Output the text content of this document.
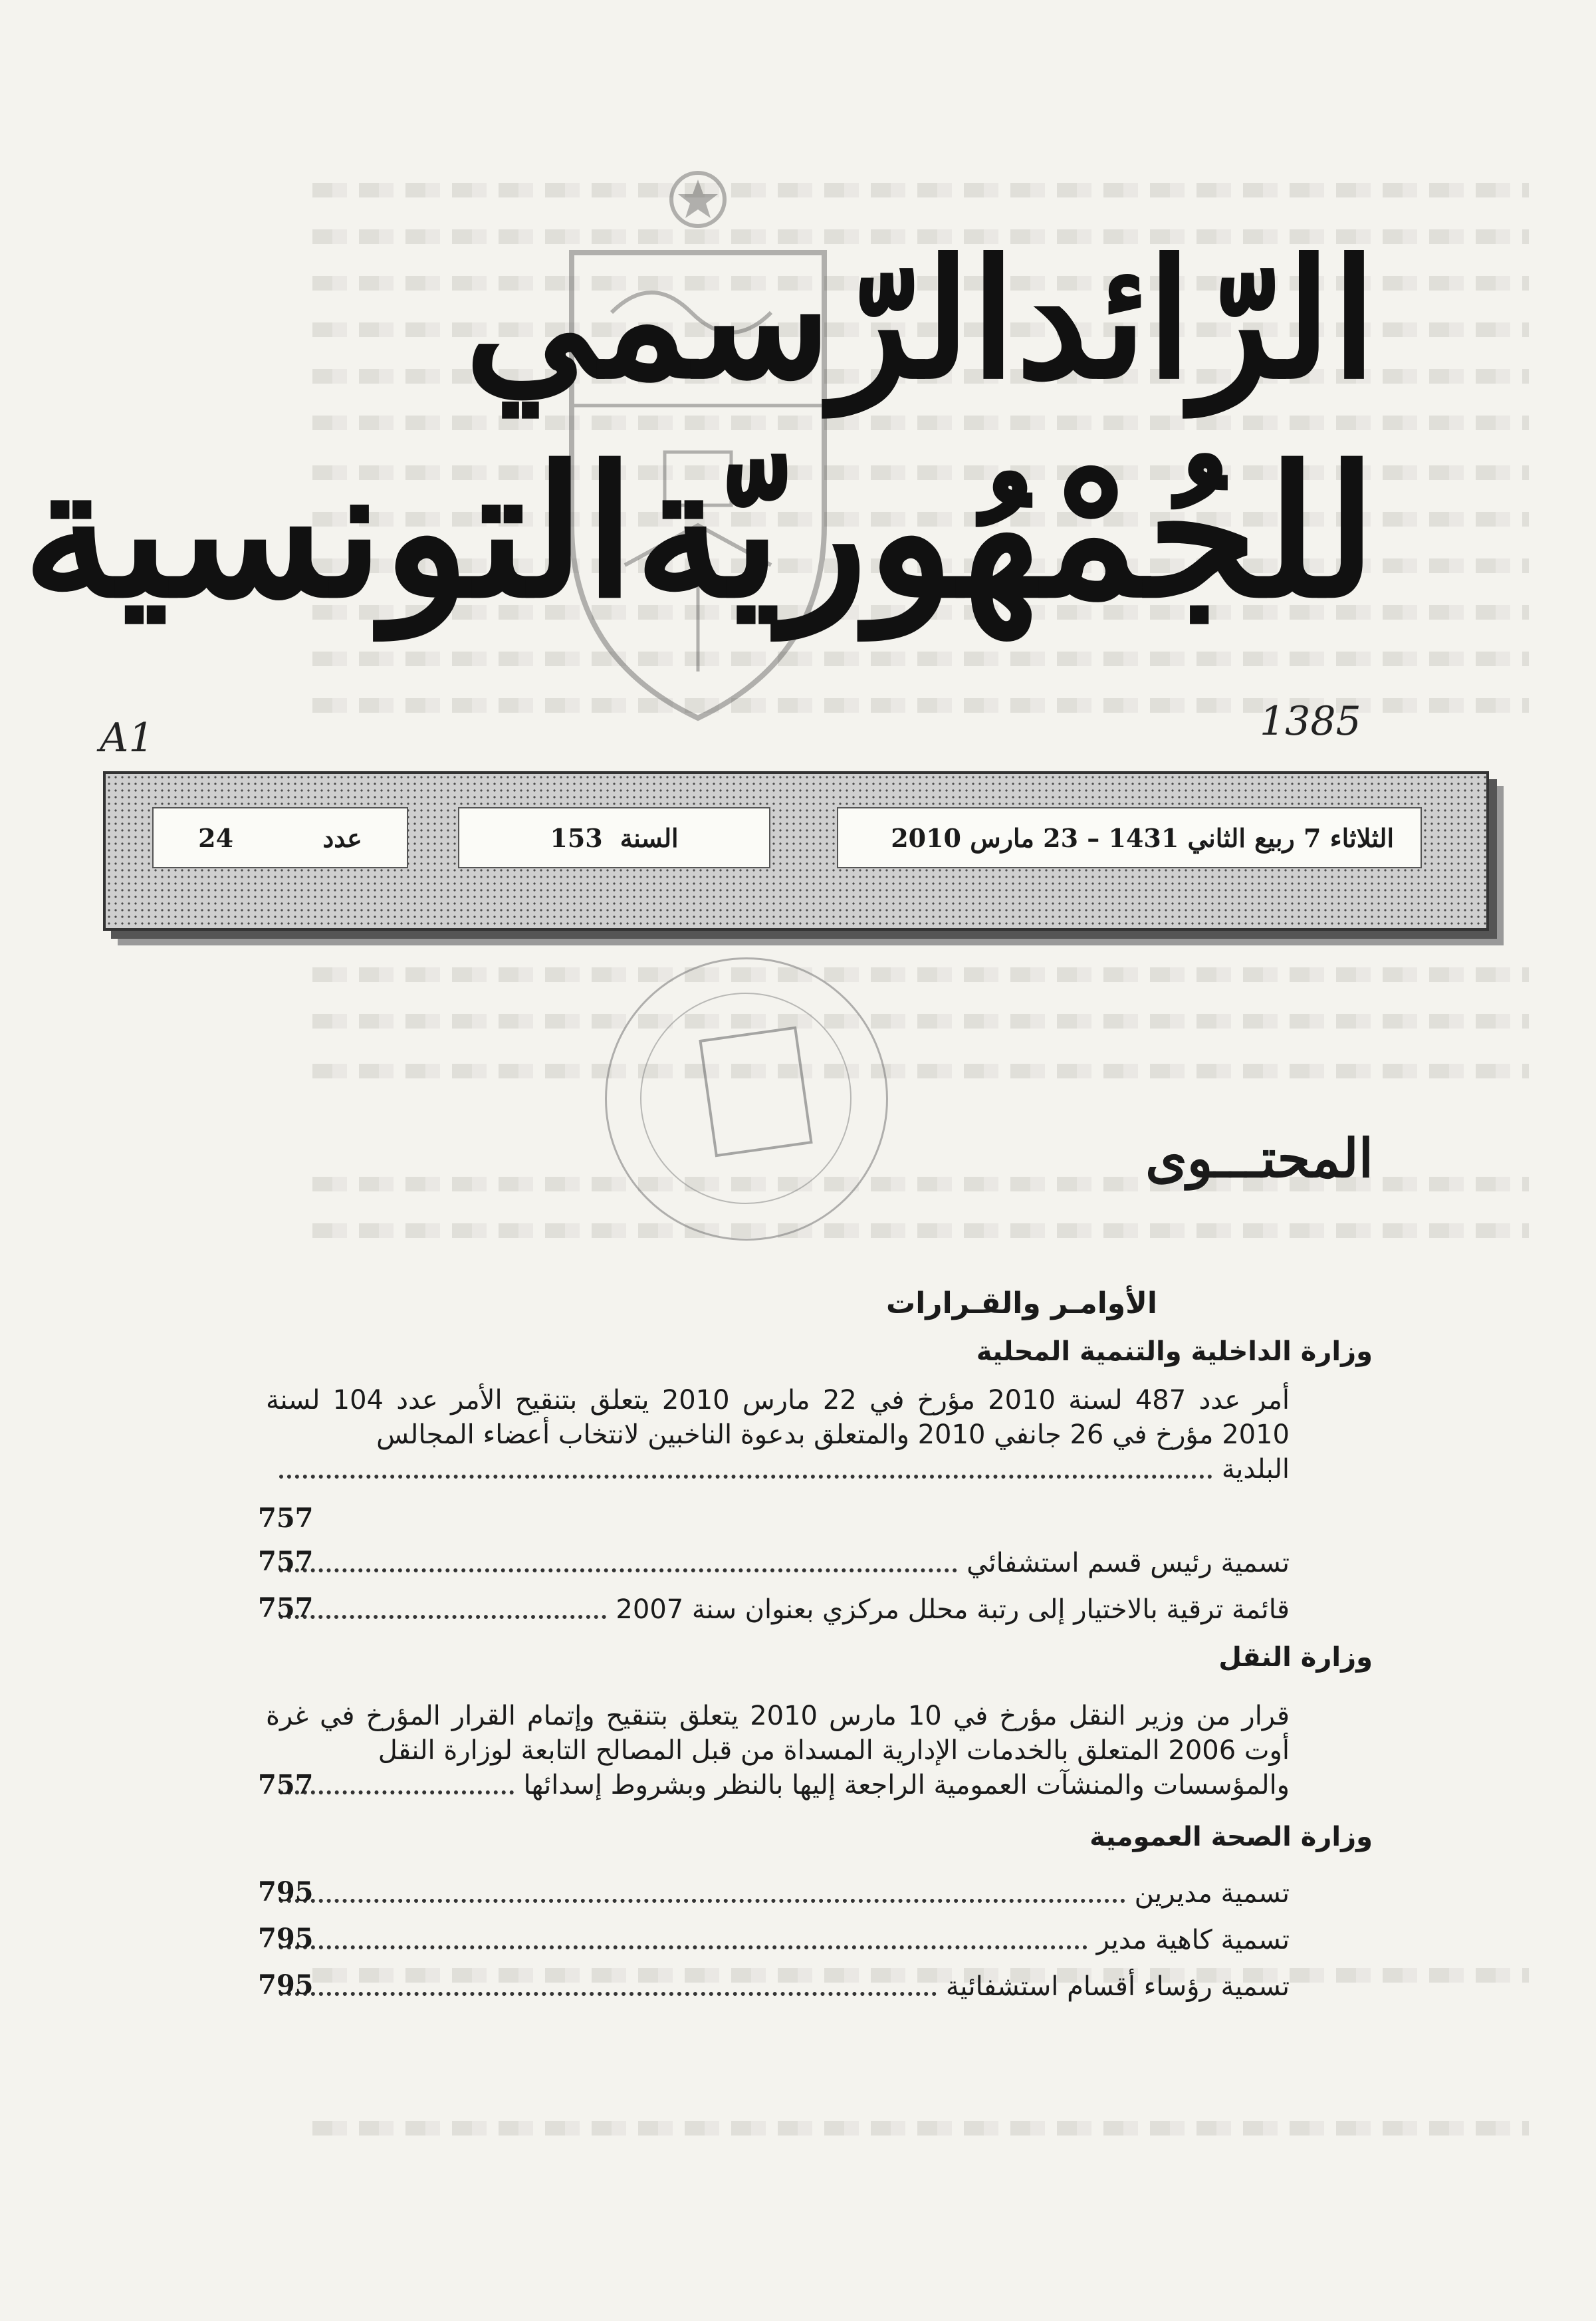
الرّائدالرّسمي
للجُمْهُوريّةالتونسية
A1	1385
عدد
24	السنة
153	الثلاثاء 7 ربيع الثاني 1431 – 23 مارس 2010
المحتـــوى
الأوامـر والقـرارات
وزارة الداخلية والتنمية المحلية
أمر عدد 487 لسنة 2010 مؤرخ في 22 مارس 2010 يتعلق بتنقيح الأمر عدد 104 لسنة 2010 مؤرخ في 26 جانفي 2010 والمتعلق بدعوة الناخبين لانتخاب أعضاء المجالس
البلدية
757
تسمية رئيس قسم استشفائي
757
قائمة ترقية بالاختيار إلى رتبة محلل مركزي بعنوان سنة 2007
757
وزارة النقل
قرار من وزير النقل مؤرخ في 10 مارس 2010 يتعلق بتنقيح وإتمام القرار المؤرخ في غرة أوت 2006 المتعلق بالخدمات الإدارية المسداة من قبل المصالح التابعة لوزارة النقل
والمؤسسات والمنشآت العمومية الراجعة إليها بالنظر وبشروط إسدائها
757
وزارة الصحة العمومية
تسمية مديرين
795
تسمية كاهية مدير
795
تسمية رؤساء أقسام استشفائية
795
